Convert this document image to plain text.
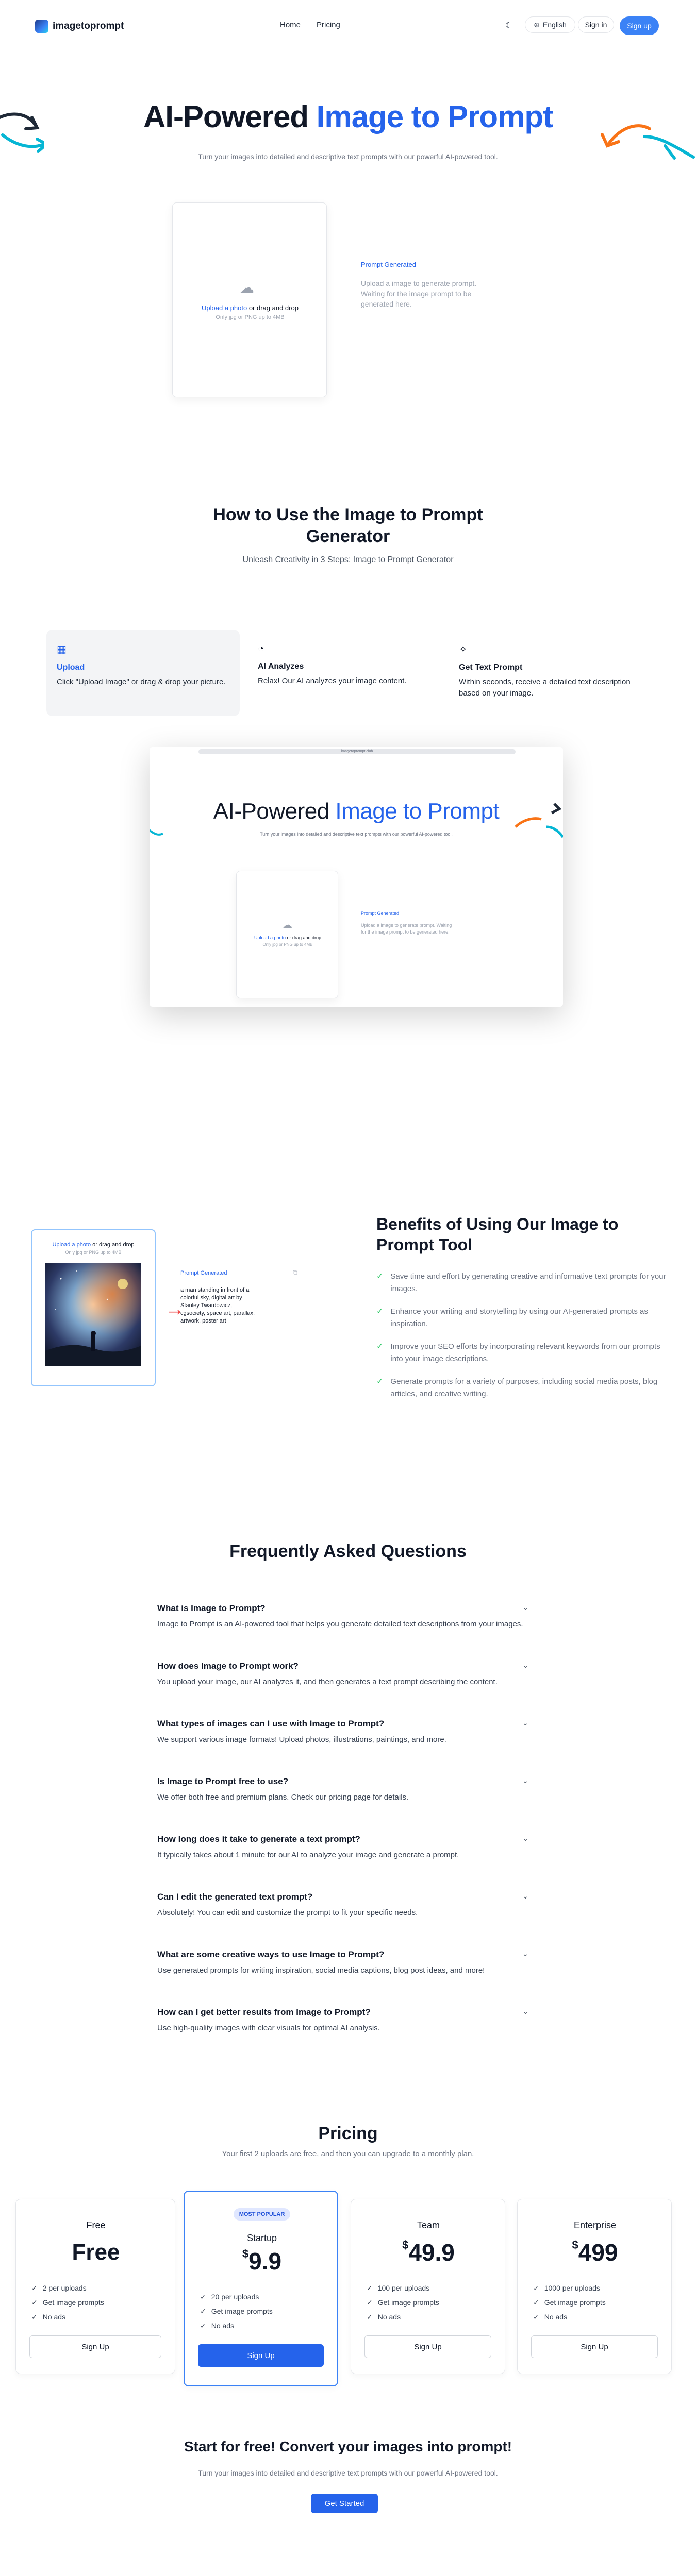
imagetoprompt	Home Pricing	☾	⊕ English	Sign in	Sign up
AI-Powered Image to Prompt
Turn your images into detailed and descriptive text prompts with our powerful AI-powered tool.
☁
Upload a photo or drag and drop
Only jpg or PNG up to 4MB
Prompt Generated
Upload a image to generate prompt. Waiting for the image prompt to be generated here.
How to Use the Image to Prompt Generator
Unleash Creativity in 3 Steps: Image to Prompt Generator
▦
Upload
Click "Upload Image" or drag & drop your picture.
◔
AI Analyzes
Relax! Our AI analyzes your image content.
✧
Get Text Prompt
Within seconds, receive a detailed text description based on your image.
imagetoprompt.club
AI-Powered Image to Prompt
Turn your images into detailed and descriptive text prompts with our powerful AI-powered tool.
☁
Upload a photo or drag and drop
Only jpg or PNG up to 4MB
Prompt Generated
Upload a image to generate prompt. Waiting for the image prompt to be generated here.
Upload a photo or drag and drop
Only jpg or PNG up to 4MB
→
Prompt Generated	⧉
a man standing in front of a colorful sky, digital art by Stanley Twardowicz, cgsociety, space art, parallax, artwork, poster art
Benefits of Using Our Image to Prompt Tool
✓ Save time and effort by generating creative and informative text prompts for your images.
✓ Enhance your writing and storytelling by using our AI-generated prompts as inspiration.
✓ Improve your SEO efforts by incorporating relevant keywords from our prompts into your image descriptions.
✓ Generate prompts for a variety of purposes, including social media posts, blog articles, and creative writing.
Frequently Asked Questions
What is Image to Prompt?	⌄
Image to Prompt is an AI-powered tool that helps you generate detailed text descriptions from your images.
How does Image to Prompt work?	⌄
You upload your image, our AI analyzes it, and then generates a text prompt describing the content.
What types of images can I use with Image to Prompt?	⌄
We support various image formats! Upload photos, illustrations, paintings, and more.
Is Image to Prompt free to use?	⌄
We offer both free and premium plans. Check our pricing page for details.
How long does it take to generate a text prompt?	⌄
It typically takes about 1 minute for our AI to analyze your image and generate a prompt.
Can I edit the generated text prompt?	⌄
Absolutely! You can edit and customize the prompt to fit your specific needs.
What are some creative ways to use Image to Prompt?	⌄
Use generated prompts for writing inspiration, social media captions, blog post ideas, and more!
How can I get better results from Image to Prompt?	⌄
Use high-quality images with clear visuals for optimal AI analysis.
Pricing
Your first 2 uploads are free, and then you can upgrade to a monthly plan.
Free
Free
✓ 2 per uploads
✓ Get image prompts
✓ No ads
Sign Up
MOST POPULAR
Startup
$9.9
✓ 20 per uploads
✓ Get image prompts
✓ No ads
Sign Up
Team
$49.9
✓ 100 per uploads
✓ Get image prompts
✓ No ads
Sign Up
Enterprise
$499
✓ 1000 per uploads
✓ Get image prompts
✓ No ads
Sign Up
Start for free! Convert your images into prompt!
Turn your images into detailed and descriptive text prompts with our powerful AI-powered tool.
Get Started
